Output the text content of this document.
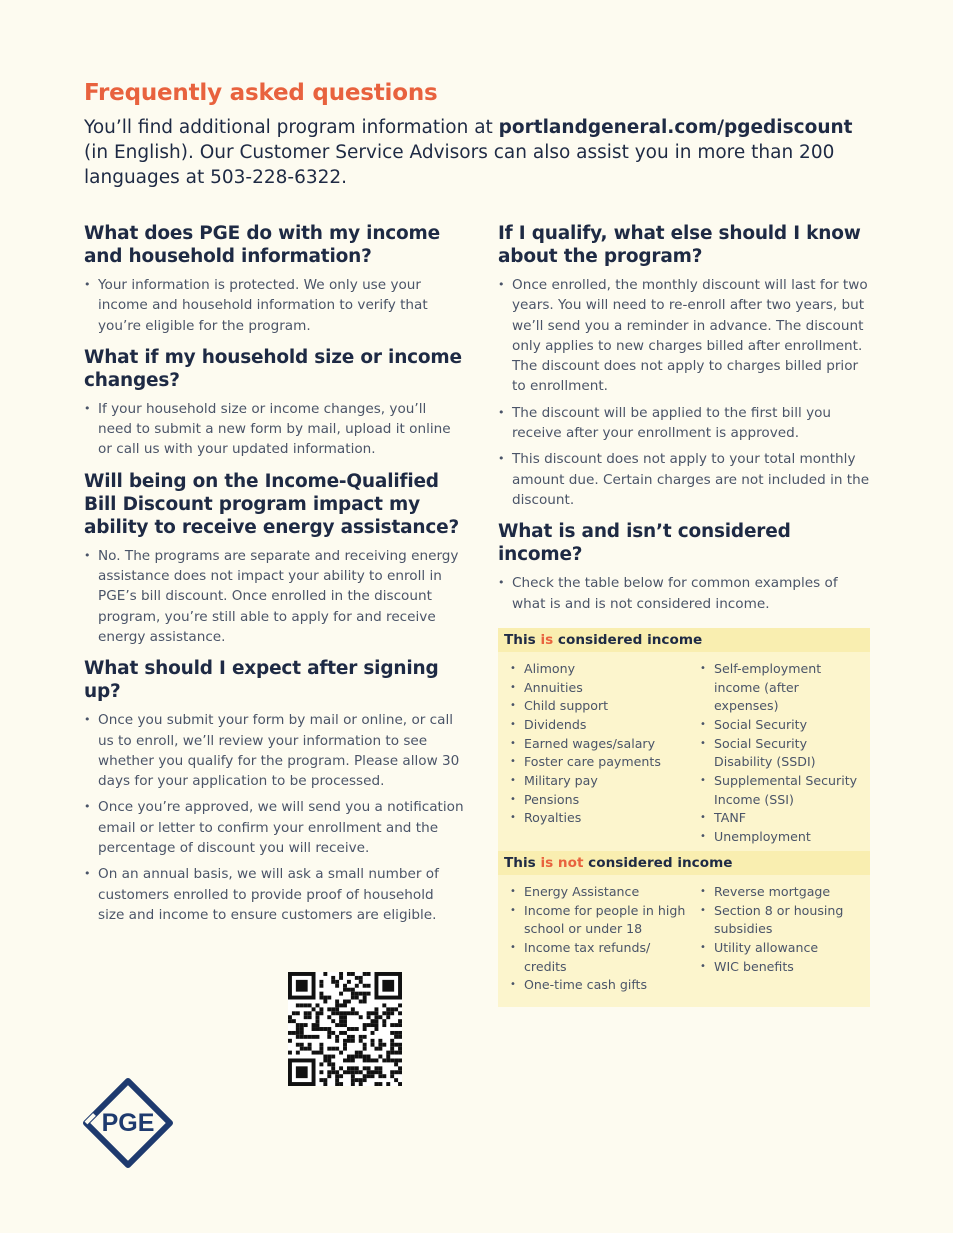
Frequently asked questions

You’ll find additional program information at portlandgeneral.com/pgediscount (in English). Our Customer Service Advisors can also assist you in more than 200 languages at 503-228-6322.

What does PGE do with my income and household information?
• Your information is protected. We only use your income and household information to verify that you’re eligible for the program.
What if my household size or income changes?
• If your household size or income changes, you’ll need to submit a new form by mail, upload it online or call us with your updated information.
Will being on the Income-Qualified Bill Discount program impact my ability to receive energy assistance?
• No. The programs are separate and receiving energy assistance does not impact your ability to enroll in PGE’s bill discount. Once enrolled in the discount program, you’re still able to apply for and receive energy assistance.
What should I expect after signing up?
• Once you submit your form by mail or online, or call us to enroll, we’ll review your information to see whether you qualify for the program. Please allow 30 days for your application to be processed.
• Once you’re approved, we will send you a notification email or letter to confirm your enrollment and the percentage of discount you will receive.
• On an annual basis, we will ask a small number of customers enrolled to provide proof of household size and income to ensure customers are eligible.
If I qualify, what else should I know about the program?
• Once enrolled, the monthly discount will last for two years. You will need to re-enroll after two years, but we’ll send you a reminder in advance. The discount only applies to new charges billed after enrollment. The discount does not apply to charges billed prior to enrollment.
• The discount will be applied to the first bill you receive after your enrollment is approved.
• This discount does not apply to your total monthly amount due. Certain charges are not included in the discount.
What is and isn’t considered income?
• Check the table below for common examples of what is and is not considered income.
This is considered income
• Alimony
• Annuities
• Child support
• Dividends
• Earned wages/salary
• Foster care payments
• Military pay
• Pensions
• Royalties
• Self-employment income (after expenses)
• Social Security
• Social Security Disability (SSDI)
• Supplemental Security Income (SSI)
• TANF
• Unemployment
This is not considered income
• Energy Assistance
• Income for people in high school or under 18
• Income tax refunds/ credits
• One-time cash gifts
• Reverse mortgage
• Section 8 or housing subsidies
• Utility allowance
• WIC benefits
PGE
